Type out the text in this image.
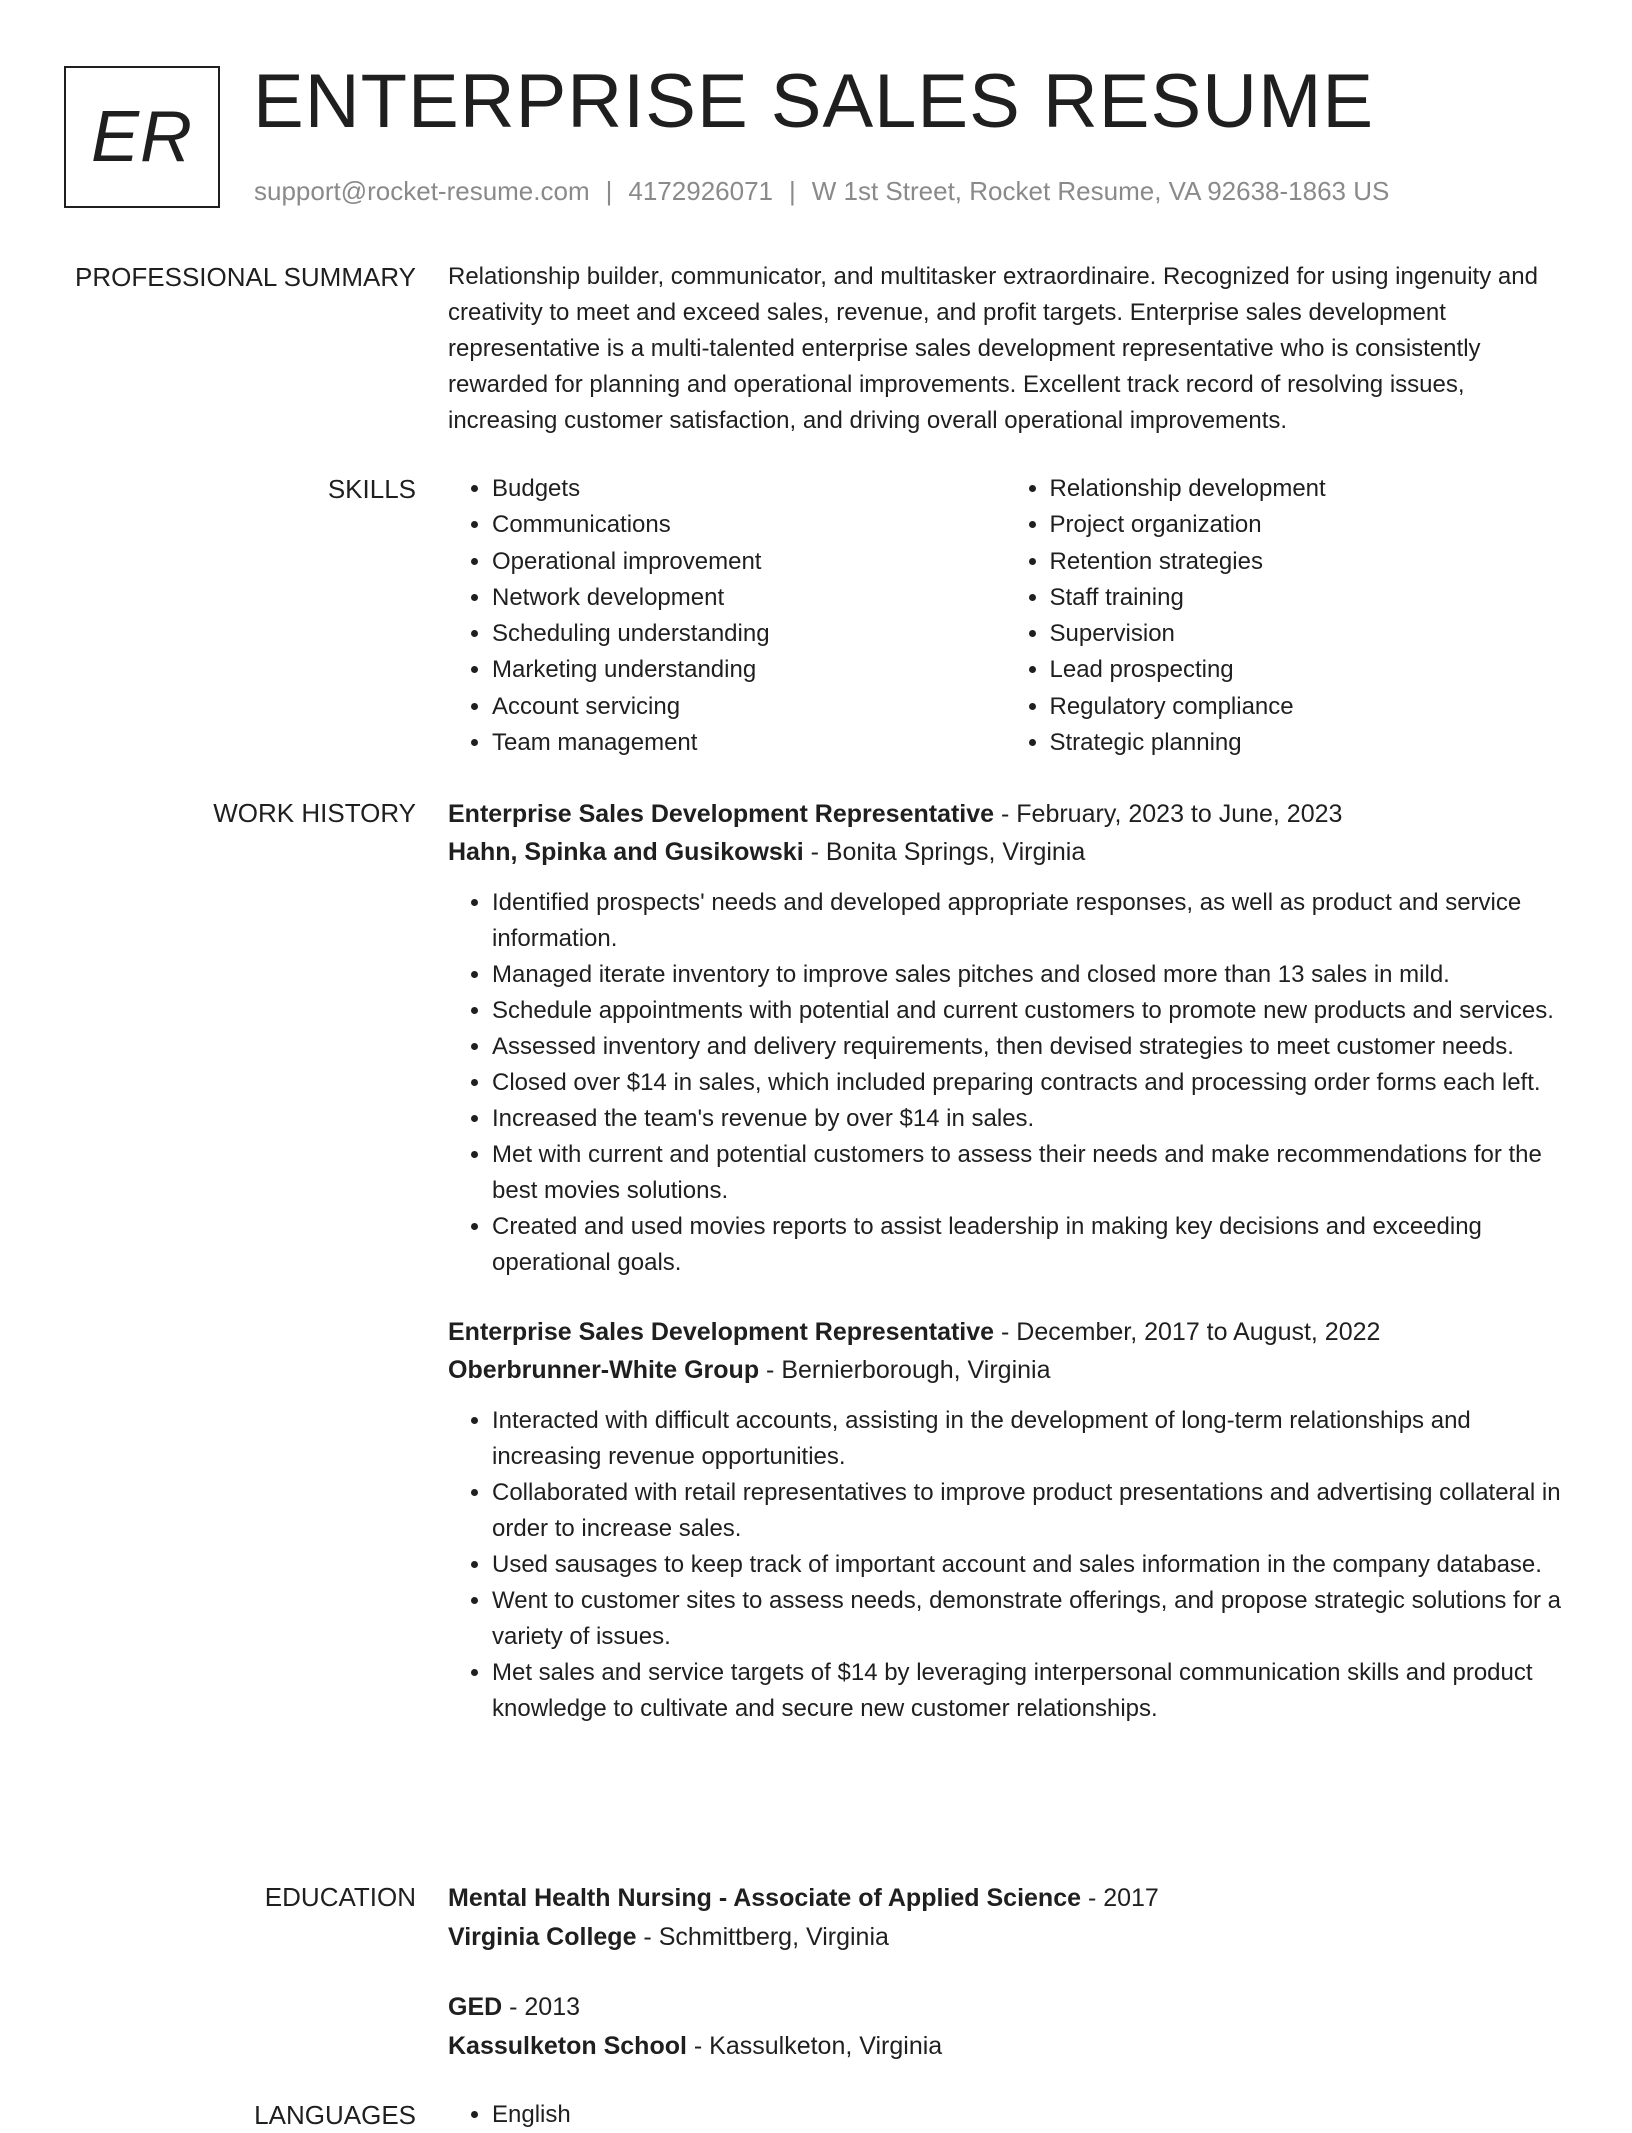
ER ENTERPRISE SALES RESUME
support@rocket-resume.com | 4172926071 | W 1st Street, Rocket Resume, VA 92638-1863 US
PROFESSIONAL SUMMARY Relationship builder, communicator, and multitasker extraordinaire. Recognized for using ingenuity and creativity to meet and exceed sales, revenue, and profit targets. Enterprise sales development representative is a multi-talented enterprise sales development representative who is consistently rewarded for planning and operational improvements. Excellent track record of resolving issues, increasing customer satisfaction, and driving overall operational improvements.

SKILLS	• Budgets
• Communications
• Operational improvement
• Network development
• Scheduling understanding
• Marketing understanding
• Account servicing
• Team management
• Relationship development
• Project organization
• Retention strategies
• Staff training
• Supervision
• Lead prospecting
• Regulatory compliance
• Strategic planning
WORK HISTORY Enterprise Sales Development Representative - February, 2023 to June, 2023
Hahn, Spinka and Gusikowski - Bonita Springs, Virginia
• Identified prospects' needs and developed appropriate responses, as well as product and service information.
• Managed iterate inventory to improve sales pitches and closed more than 13 sales in mild.
• Schedule appointments with potential and current customers to promote new products and services.
• Assessed inventory and delivery requirements, then devised strategies to meet customer needs.
• Closed over $14 in sales, which included preparing contracts and processing order forms each left.
• Increased the team's revenue by over $14 in sales.
• Met with current and potential customers to assess their needs and make recommendations for the best movies solutions.
• Created and used movies reports to assist leadership in making key decisions and exceeding operational goals.
Enterprise Sales Development Representative - December, 2017 to August, 2022
Oberbrunner-White Group - Bernierborough, Virginia
• Interacted with difficult accounts, assisting in the development of long-term relationships and increasing revenue opportunities.
• Collaborated with retail representatives to improve product presentations and advertising collateral in order to increase sales.
• Used sausages to keep track of important account and sales information in the company database.
• Went to customer sites to assess needs, demonstrate offerings, and propose strategic solutions for a variety of issues.
• Met sales and service targets of $14 by leveraging interpersonal communication skills and product knowledge to cultivate and secure new customer relationships.
EDUCATION Mental Health Nursing - Associate of Applied Science - 2017
Virginia College - Schmittberg, Virginia
GED - 2013
Kassulketon School - Kassulketon, Virginia
LANGUAGES	• English
